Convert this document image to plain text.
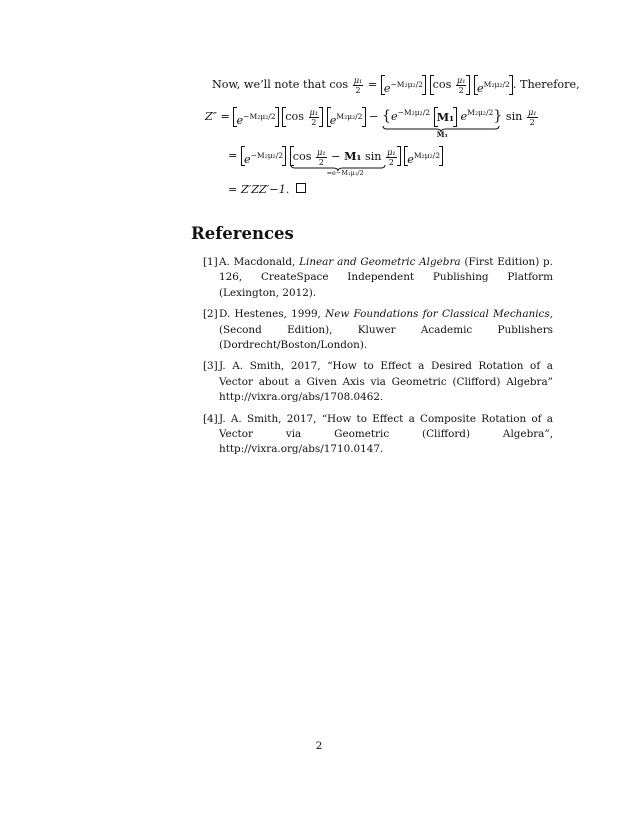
Now, we’ll note that $\cos \frac{\text{μ₁}}{2} = e^{-M_2\mu_2/2}$ $\cos \frac{\text{μ₁}}{2} e^{M_2\mu_2/2}$ . Therefore,
$Z'' = e^{-M_2\mu_2/2}$ $\cos \frac{\text{μ₁}}{2} e^{M_2\mu_2/2} - \{e^{-M_2\mu_2/2}$ M₁ $e^{M_2\mu_2/2}$}
M₃
$\sin \frac{\text{μ₁}}{2}$
= $e^{-M_2\mu_2/2}$ $\cos \frac{\text{μ₁}}{2} - M_1$ $\sin \frac{\text{μ₁}}{2}$
=e−M₁μ₁/2
$e^{M_2\mu_2/2}$
= Z′ZZ′−1.
References
[1] A. Macdonald, Linear and Geometric Algebra (First Edition) p. 126, CreateSpace Independent Publishing Platform (Lexington, 2012).
[2] D. Hestenes, 1999, New Foundations for Classical Mechanics, (Second Edition), Kluwer Academic Publishers (Dordrecht/Boston/London).
[3] J. A. Smith, 2017, “How to Effect a Desired Rotation of a Vector about a Given Axis via Geometric (Clifford) Algebra” http://vixra.org/abs/1708.0462.
[4] J. A. Smith, 2017, “How to Effect a Composite Rotation of a Vector via Geometric (Clifford) Algebra”, http://vixra.org/abs/1710.0147.
2
